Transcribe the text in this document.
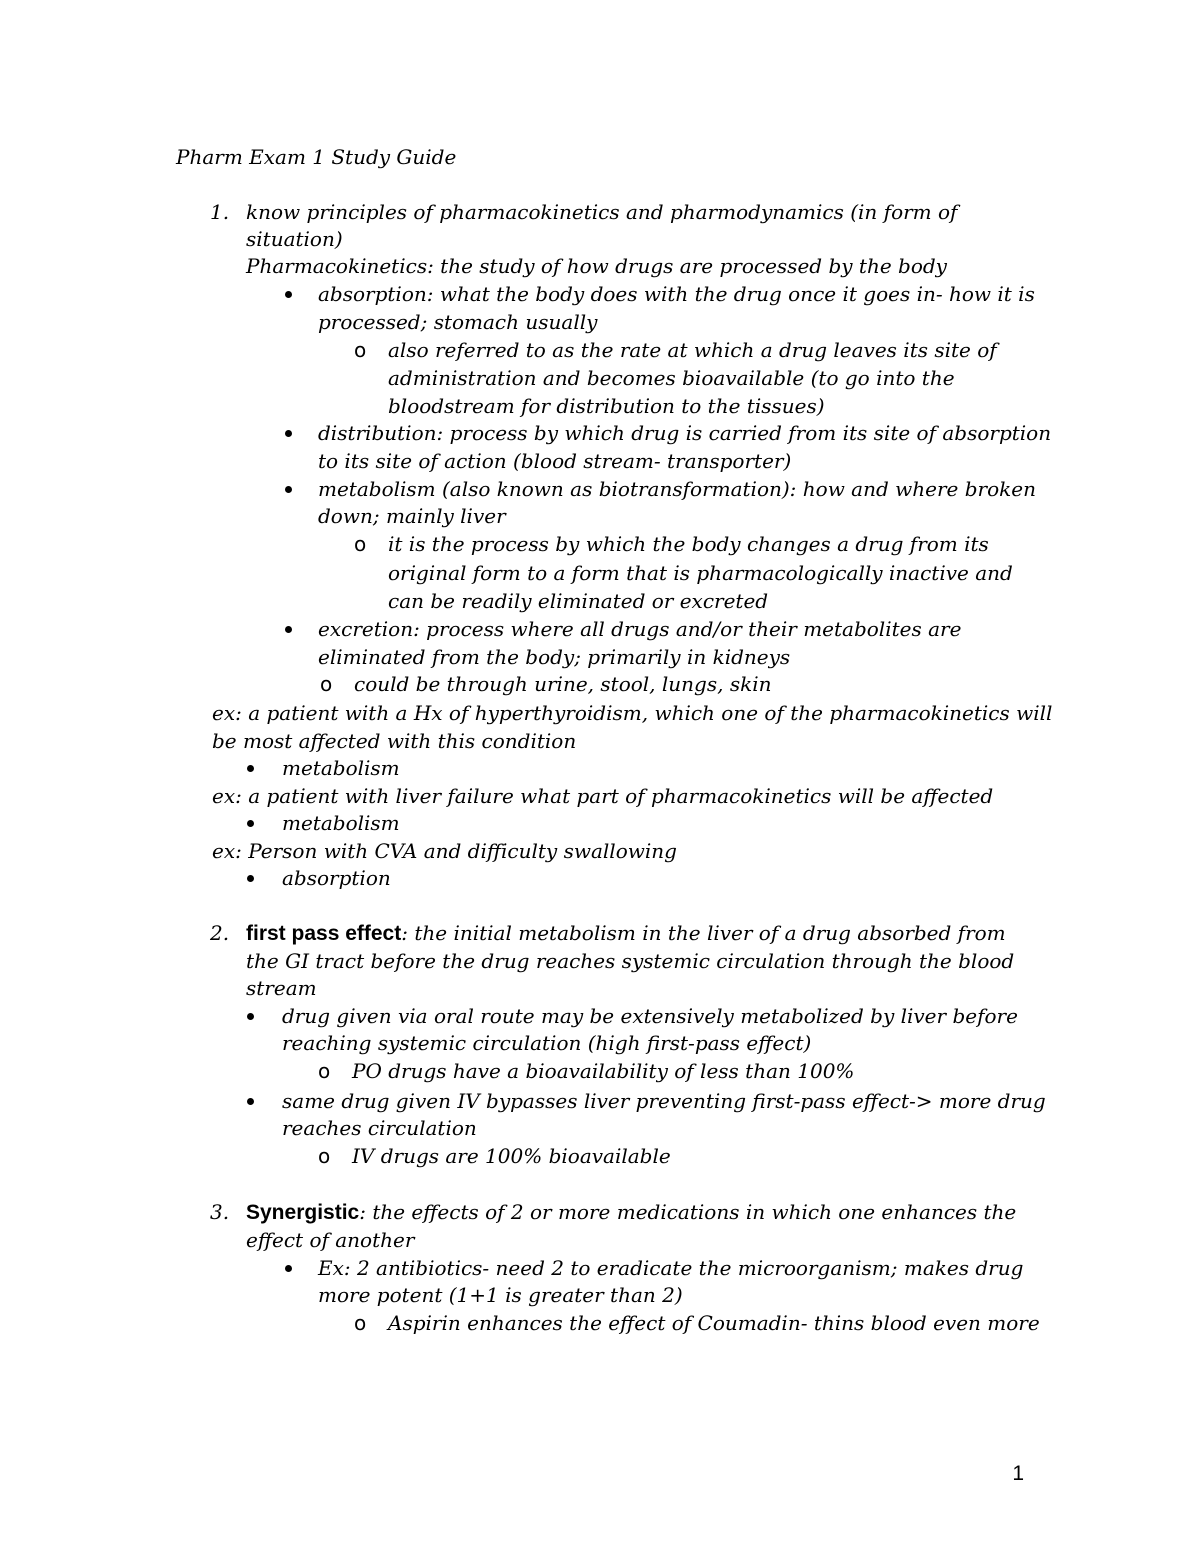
Pharm Exam 1 Study Guide
1. know principles of pharmacokinetics and pharmodynamics (in form of
situation)
Pharmacokinetics: the study of how drugs are processed by the body
absorption: what the body does with the drug once it goes in- how it is
processed; stomach usually
o also referred to as the rate at which a drug leaves its site of
administration and becomes bioavailable (to go into the
bloodstream for distribution to the tissues)
distribution: process by which drug is carried from its site of absorption
to its site of action (blood stream- transporter)
metabolism (also known as biotransformation): how and where broken
down; mainly liver
o it is the process by which the body changes a drug from its
original form to a form that is pharmacologically inactive and
can be readily eliminated or excreted
excretion: process where all drugs and/or their metabolites are
eliminated from the body; primarily in kidneys
o could be through urine, stool, lungs, skin
ex: a patient with a Hx of hyperthyroidism, which one of the pharmacokinetics will
be most affected with this condition
metabolism
ex: a patient with liver failure what part of pharmacokinetics will be affected
metabolism
ex: Person with CVA and difficulty swallowing
absorption
2. first pass effect: the initial metabolism in the liver of a drug absorbed from
the GI tract before the drug reaches systemic circulation through the blood
stream
drug given via oral route may be extensively metabolized by liver before
reaching systemic circulation (high first-pass effect)
o PO drugs have a bioavailability of less than 100%
same drug given IV bypasses liver preventing first-pass effect-> more drug
reaches circulation
o IV drugs are 100% bioavailable
3. Synergistic: the effects of 2 or more medications in which one enhances the
effect of another
Ex: 2 antibiotics- need 2 to eradicate the microorganism; makes drug
more potent (1+1 is greater than 2)
o Aspirin enhances the effect of Coumadin- thins blood even more
1
